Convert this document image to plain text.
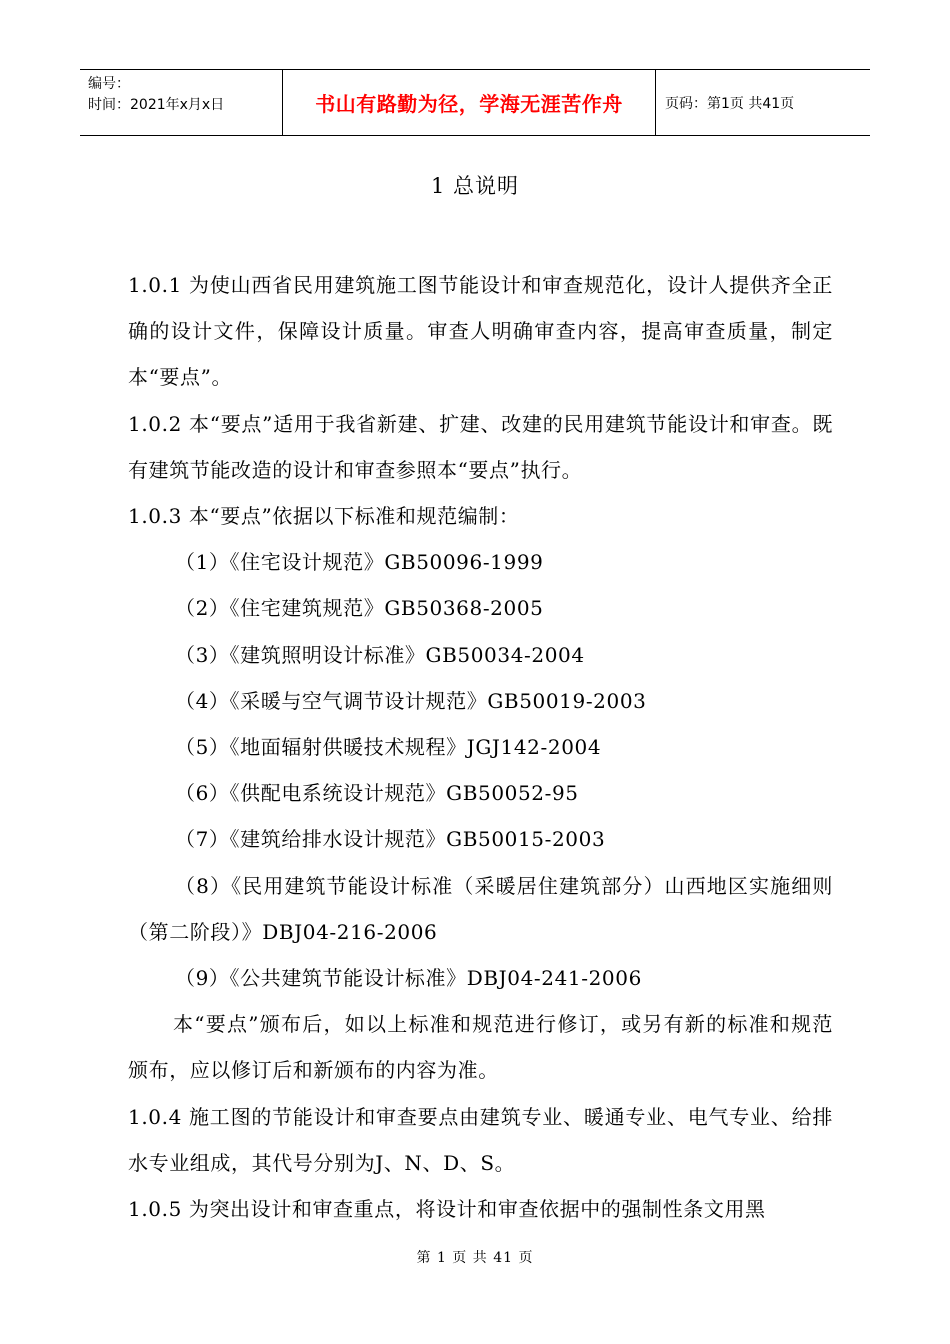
编号：
时间：2021年x月x日	书山有路勤为径，学海无涯苦作舟	页码：第1页 共41页
1 总说明

1.0.1 为使山西省民用建筑施工图节能设计和审查规范化，设计人提供齐全正确的设计文件，保障设计质量。审查人明确审查内容，提高审查质量，制定本“要点”。

1.0.2 本“要点”适用于我省新建、扩建、改建的民用建筑节能设计和审查。既有建筑节能改造的设计和审查参照本“要点”执行。

1.0.3 本“要点”依据以下标准和规范编制：

（1）《住宅设计规范》GB50096-1999

（2）《住宅建筑规范》GB50368-2005

（3）《建筑照明设计标准》GB50034-2004

（4）《采暖与空气调节设计规范》GB50019-2003

（5）《地面辐射供暖技术规程》JGJ142-2004

（6）《供配电系统设计规范》GB50052-95

（7）《建筑给排水设计规范》GB50015-2003

（8）《民用建筑节能设计标准（采暖居住建筑部分）山西地区实施细则（第二阶段）》DBJ04-216-2006

（9）《公共建筑节能设计标准》DBJ04-241-2006

本“要点”颁布后，如以上标准和规范进行修订，或另有新的标准和规范颁布，应以修订后和新颁布的内容为准。

1.0.4 施工图的节能设计和审查要点由建筑专业、暖通专业、电气专业、给排水专业组成，其代号分别为J、N、D、S。

1.0.5 为突出设计和审查重点，将设计和审查依据中的强制性条文用黑

第 1 页 共 41 页
